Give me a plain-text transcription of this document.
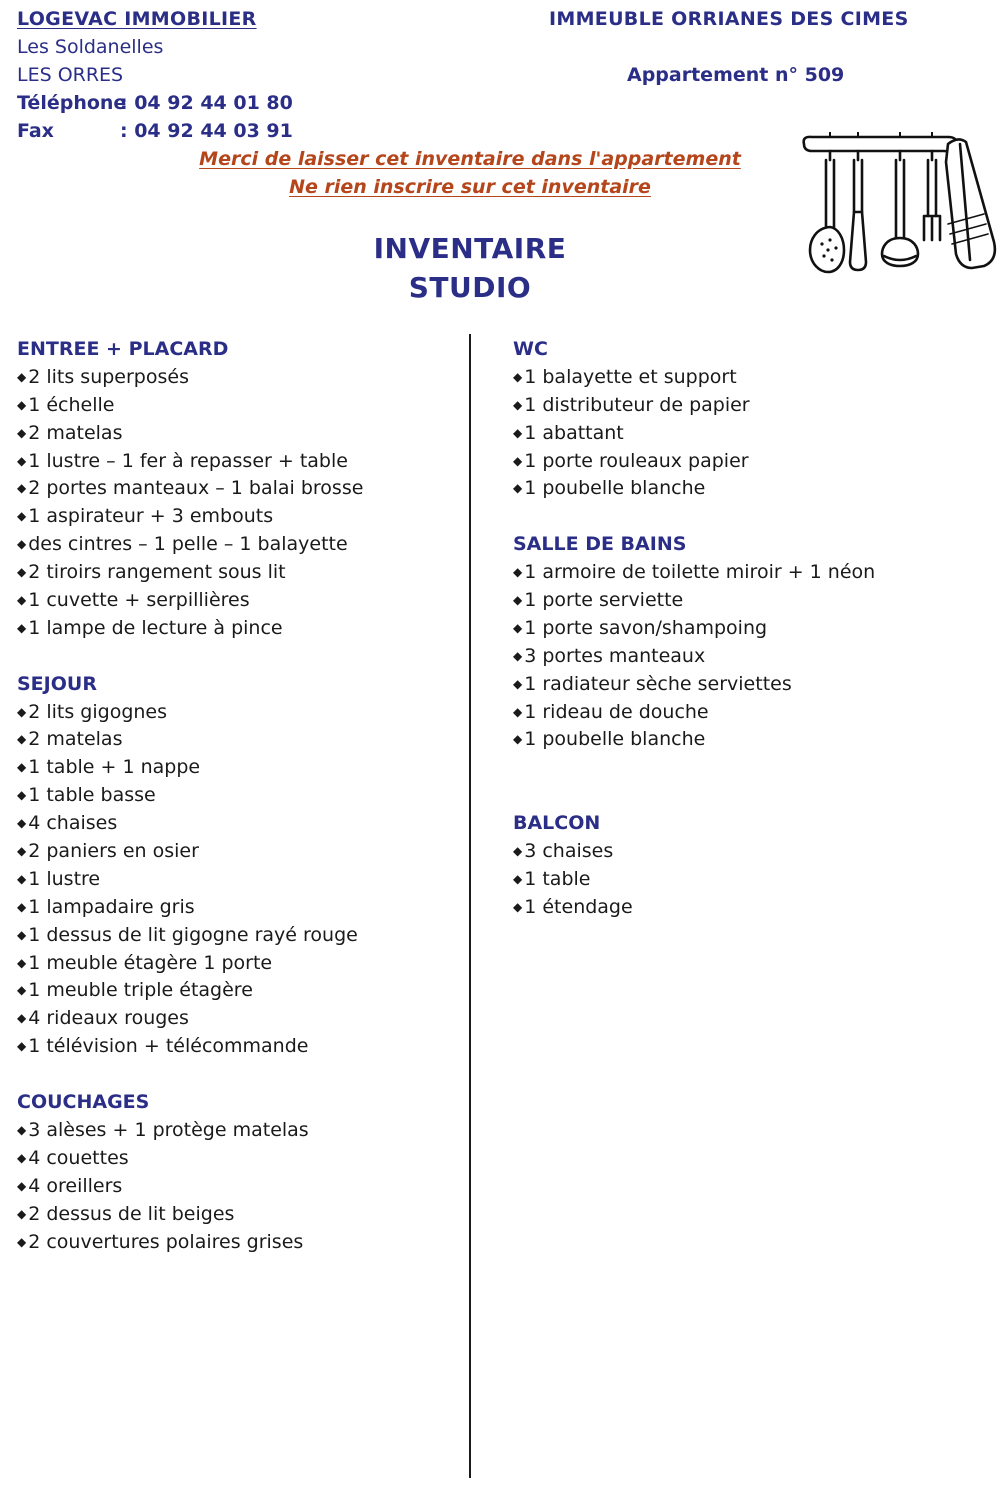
LOGEVAC IMMOBILIER
Les Soldanelles
LES ORRES
Téléphone: 04 92 44 01 80
Fax	: 04 92 44 03 91
IMMEUBLE ORRIANES DES CIMES
Appartement n° 509
Merci de laisser cet inventaire dans l'appartement
Ne rien inscrire sur cet inventaire
INVENTAIRE
STUDIO
ENTREE + PLACARD
◆ 2 lits superposés
◆ 1 échelle
◆ 2 matelas
◆ 1 lustre – 1 fer à repasser + table
◆ 2 portes manteaux – 1 balai brosse
◆ 1 aspirateur + 3 embouts
◆ des cintres – 1 pelle – 1 balayette
◆ 2 tiroirs rangement sous lit
◆ 1 cuvette + serpillières
◆ 1 lampe de lecture à pince
SEJOUR
◆ 2 lits gigognes
◆ 2 matelas
◆ 1 table + 1 nappe
◆ 1 table basse
◆ 4 chaises
◆ 2 paniers en osier
◆ 1 lustre
◆ 1 lampadaire gris
◆ 1 dessus de lit gigogne rayé rouge
◆ 1 meuble étagère 1 porte
◆ 1 meuble triple étagère
◆ 4 rideaux rouges
◆ 1 télévision + télécommande
COUCHAGES
◆ 3 alèses + 1 protège matelas
◆ 4 couettes
◆ 4 oreillers
◆ 2 dessus de lit beiges
◆ 2 couvertures polaires grises
WC
◆ 1 balayette et support
◆ 1 distributeur de papier
◆ 1 abattant
◆ 1 porte rouleaux papier
◆ 1 poubelle blanche
SALLE DE BAINS
◆ 1 armoire de toilette miroir + 1 néon
◆ 1 porte serviette
◆ 1 porte savon/shampoing
◆ 3 portes manteaux
◆ 1 radiateur sèche serviettes
◆ 1 rideau de douche
◆ 1 poubelle blanche
BALCON
◆ 3 chaises
◆ 1 table
◆ 1 étendage
